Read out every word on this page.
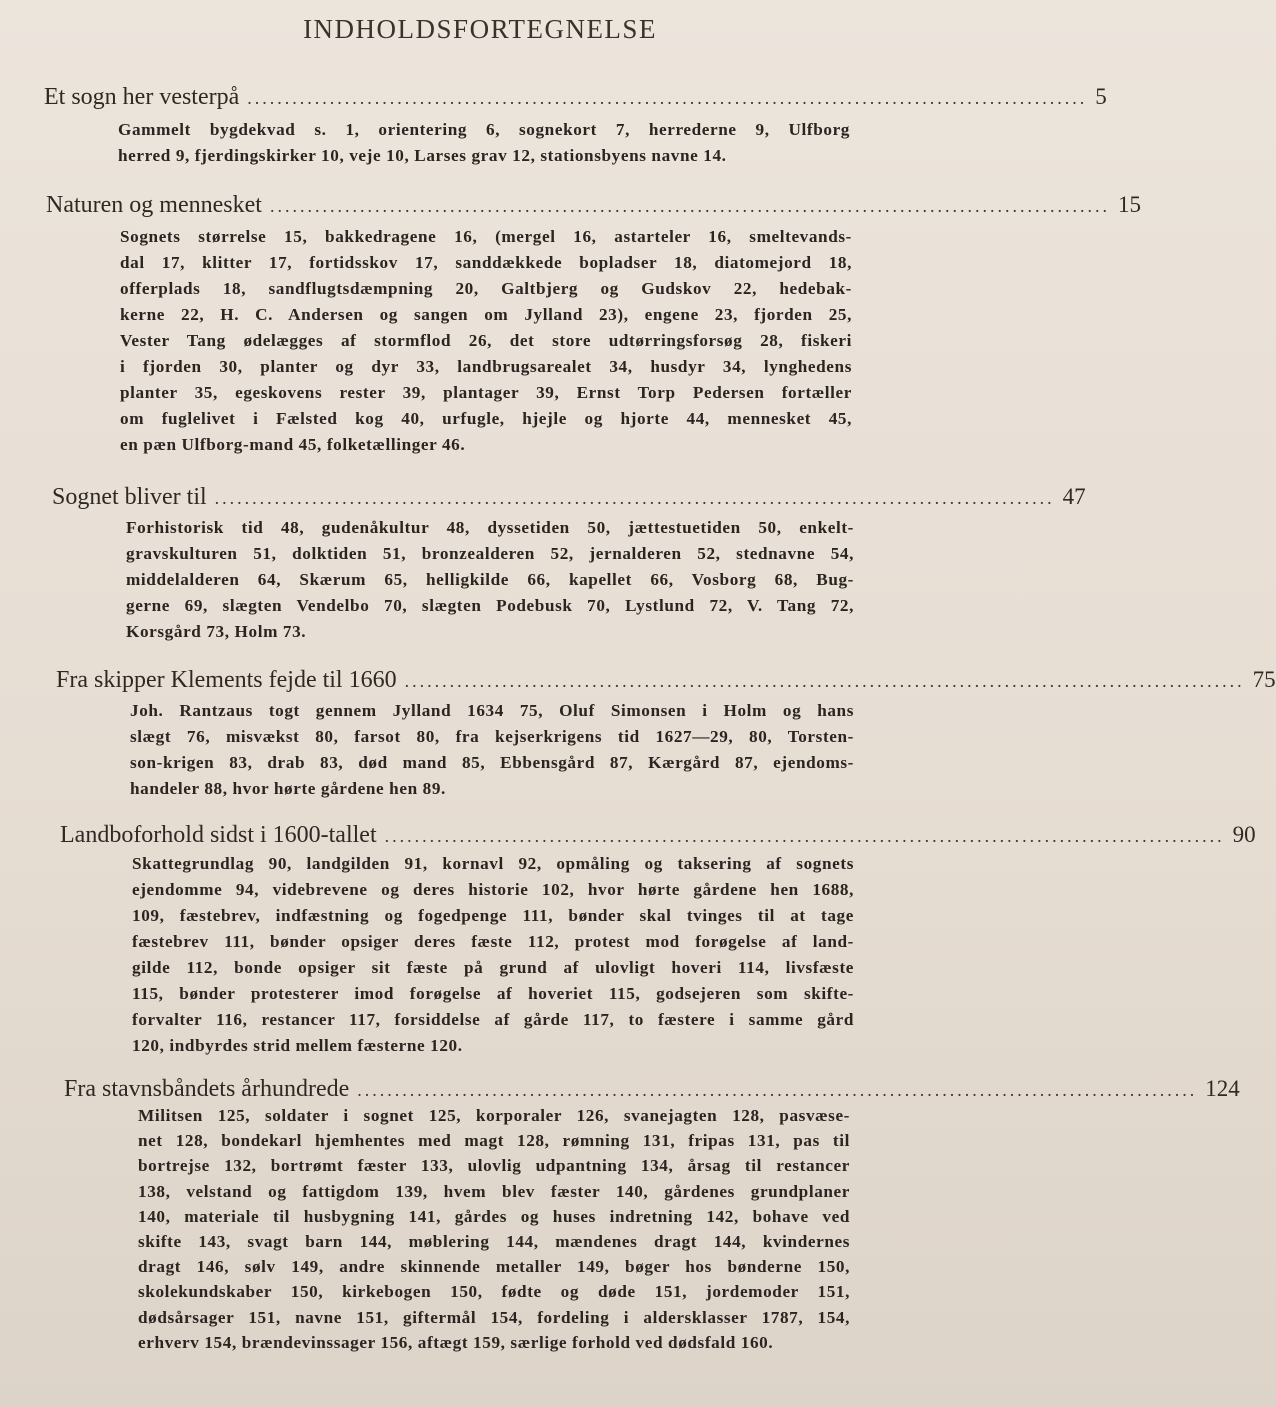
INDHOLDSFORTEGNELSE
Et sogn her vesterpå ................................................................................................................ 5
Gammelt bygdekvad s. 1, orientering 6, sognekort 7, herrederne 9, Ulfborg
herred 9, fjerdingskirker 10, veje 10, Larses grav 12, stationsbyens navne 14.
Naturen og mennesket ................................................................................................................ 15
Sognets størrelse 15, bakkedragene 16, (mergel 16, astarteler 16, smeltevands-
dal 17, klitter 17, fortidsskov 17, sanddækkede bopladser 18, diatomejord 18,
offerplads 18, sandflugtsdæmpning 20, Galtbjerg og Gudskov 22, hedebak-
kerne 22, H. C. Andersen og sangen om Jylland 23), engene 23, fjorden 25,
Vester Tang ødelægges af stormflod 26, det store udtørringsforsøg 28, fiskeri
i fjorden 30, planter og dyr 33, landbrugsarealet 34, husdyr 34, lynghedens
planter 35, egeskovens rester 39, plantager 39, Ernst Torp Pedersen fortæller
om fuglelivet i Fælsted kog 40, urfugle, hjejle og hjorte 44, mennesket 45,
en pæn Ulfborg-mand 45, folketællinger 46.
Sognet bliver til ................................................................................................................ 47
Forhistorisk tid 48, gudenåkultur 48, dyssetiden 50, jættestuetiden 50, enkelt-
gravskulturen 51, dolktiden 51, bronzealderen 52, jernalderen 52, stednavne 54,
middelalderen 64, Skærum 65, helligkilde 66, kapellet 66, Vosborg 68, Bug-
gerne 69, slægten Vendelbo 70, slægten Podebusk 70, Lystlund 72, V. Tang 72,
Korsgård 73, Holm 73.
Fra skipper Klements fejde til 1660 ................................................................................................................ 75
Joh. Rantzaus togt gennem Jylland 1634 75, Oluf Simonsen i Holm og hans
slægt 76, misvækst 80, farsot 80, fra kejserkrigens tid 1627—29, 80, Torsten-
son-krigen 83, drab 83, død mand 85, Ebbensgård 87, Kærgård 87, ejendoms-
handeler 88, hvor hørte gårdene hen 89.
Landboforhold sidst i 1600-tallet ................................................................................................................ 90
Skattegrundlag 90, landgilden 91, kornavl 92, opmåling og taksering af sognets
ejendomme 94, videbrevene og deres historie 102, hvor hørte gårdene hen 1688,
109, fæstebrev, indfæstning og fogedpenge 111, bønder skal tvinges til at tage
fæstebrev 111, bønder opsiger deres fæste 112, protest mod forøgelse af land-
gilde 112, bonde opsiger sit fæste på grund af ulovligt hoveri 114, livsfæste
115, bønder protesterer imod forøgelse af hoveriet 115, godsejeren som skifte-
forvalter 116, restancer 117, forsiddelse af gårde 117, to fæstere i samme gård
120, indbyrdes strid mellem fæsterne 120.
Fra stavnsbåndets århundrede ................................................................................................................ 124
Militsen 125, soldater i sognet 125, korporaler 126, svanejagten 128, pasvæse-
net 128, bondekarl hjemhentes med magt 128, rømning 131, fripas 131, pas til
bortrejse 132, bortrømt fæster 133, ulovlig udpantning 134, årsag til restancer
138, velstand og fattigdom 139, hvem blev fæster 140, gårdenes grundplaner
140, materiale til husbygning 141, gårdes og huses indretning 142, bohave ved
skifte 143, svagt barn 144, møblering 144, mændenes dragt 144, kvindernes
dragt 146, sølv 149, andre skinnende metaller 149, bøger hos bønderne 150,
skolekundskaber 150, kirkebogen 150, fødte og døde 151, jordemoder 151,
dødsårsager 151, navne 151, giftermål 154, fordeling i aldersklasser 1787, 154,
erhverv 154, brændevinssager 156, aftægt 159, særlige forhold ved dødsfald 160.
